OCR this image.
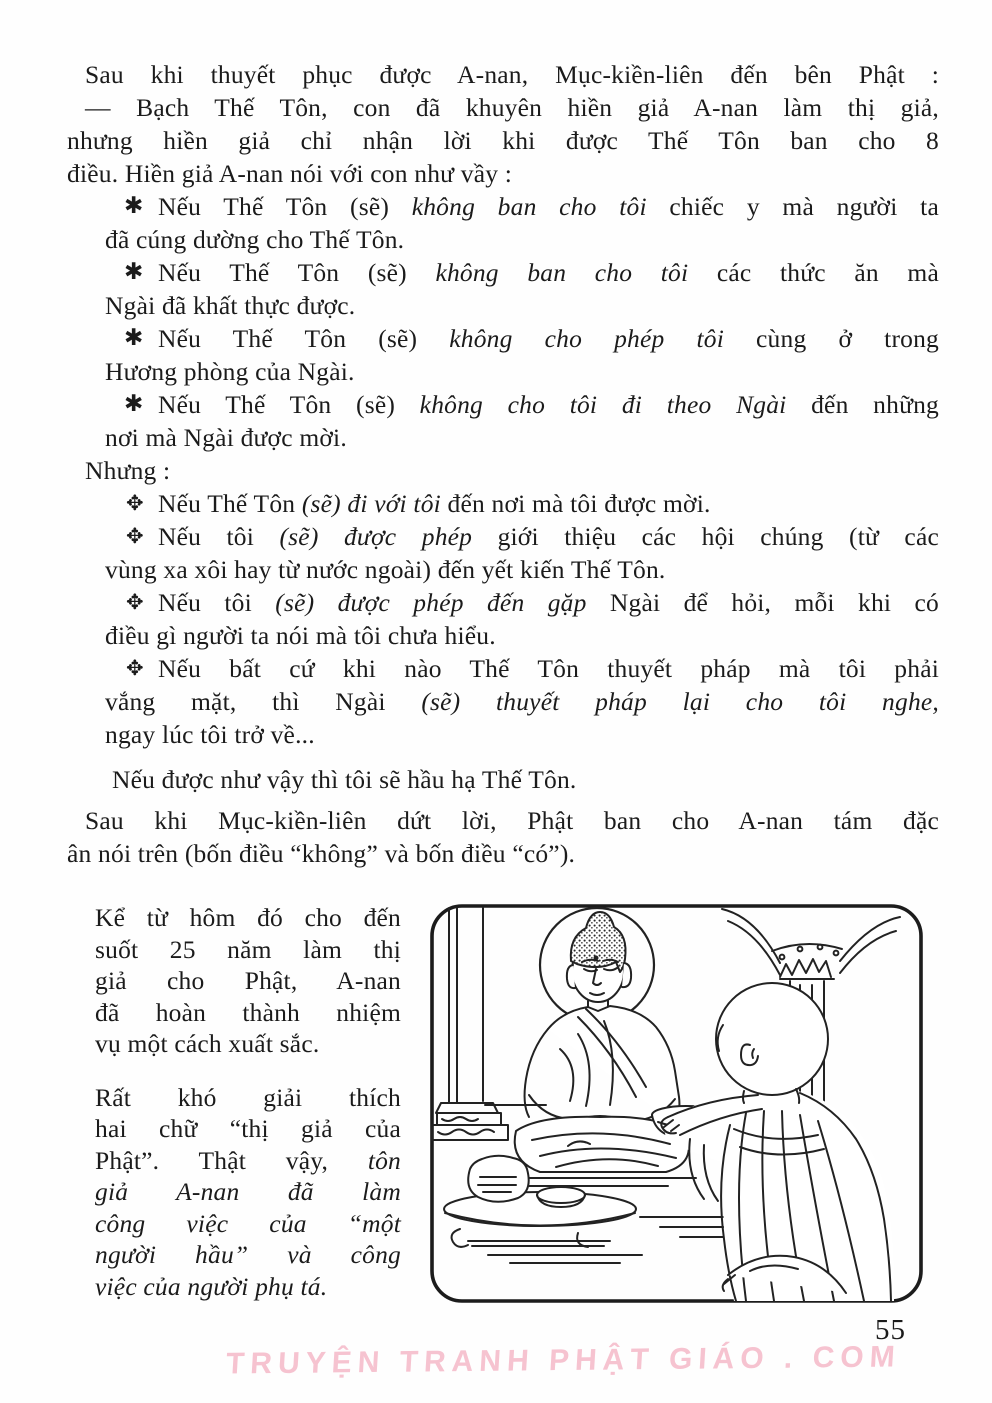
Sau khi thuyết phục được A-nan, Mục-kiền-liên đến bên Phật :
— Bạch Thế Tôn, con đã khuyên hiền giả A-nan làm thị giả,
nhưng hiền giả chỉ nhận lời khi được Thế Tôn ban cho 8
điều. Hiền giả A-nan nói với con như vầy :
✱ Nếu Thế Tôn (sẽ) không ban cho tôi chiếc y mà người ta
đã cúng dường cho Thế Tôn.
✱ Nếu Thế Tôn (sẽ) không ban cho tôi các thức ăn mà
Ngài đã khất thực được.
✱ Nếu Thế Tôn (sẽ) không cho phép tôi cùng ở trong
Hương phòng của Ngài.
✱ Nếu Thế Tôn (sẽ) không cho tôi đi theo Ngài đến những
nơi mà Ngài được mời.
Nhưng :
✥ Nếu Thế Tôn (sẽ) đi với tôi đến nơi mà tôi được mời.
✥ Nếu tôi (sẽ) được phép giới thiệu các hội chúng (từ các
vùng xa xôi hay từ nước ngoài) đến yết kiến Thế Tôn.
✥ Nếu tôi (sẽ) được phép đến gặp Ngài để hỏi, mỗi khi có
điều gì người ta nói mà tôi chưa hiểu.
✥ Nếu bất cứ khi nào Thế Tôn thuyết pháp mà tôi phải
vắng mặt, thì Ngài (sẽ) thuyết pháp lại cho tôi nghe,
ngay lúc tôi trở về...
Nếu được như vậy thì tôi sẽ hầu hạ Thế Tôn.
Sau khi Mục-kiền-liên dứt lời, Phật ban cho A-nan tám đặc
ân nói trên (bốn điều “không” và bốn điều “có”).
Kể từ hôm đó cho đến
suốt 25 năm làm thị
giả cho Phật, A-nan
đã hoàn thành nhiệm
vụ một cách xuất sắc.
Rất khó giải thích
hai chữ “thị giả của
Phật”. Thật vậy, tôn
giả A-nan đã làm
công việc của “một
người hầu” và công
việc của người phụ tá.
55
TRUYỆN TRANH PHẬT GIÁO . COM
